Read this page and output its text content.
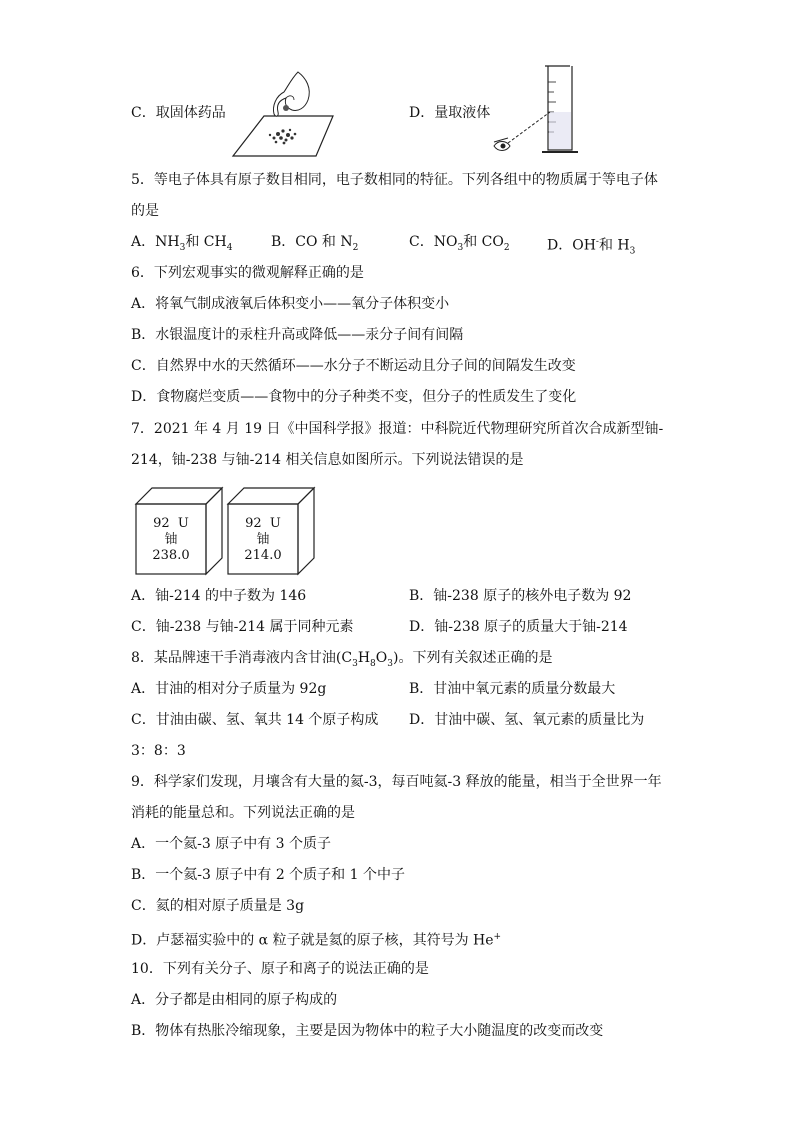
C．取固体药品	D．量取液体
5．等电子体具有原子数目相同，电子数相同的特征。下列各组中的物质属于等电子体
的是
A．$NH_3$和 $CH_4$	B．CO 和 $N_2$	C．$NO_3$和 $CO_2$	D．OH-和 $H_3$
6．下列宏观事实的微观解释正确的是
A．将氧气制成液氧后体积变小——氧分子体积变小
B．水银温度计的汞柱升高或降低——汞分子间有间隔
C．自然界中水的天然循环——水分子不断运动且分子间的间隔发生改变
D．食物腐烂变质——食物中的分子种类不变，但分子的性质发生了变化
7．2021 年 4 月 19 日《中国科学报》报道：中科院近代物理研究所首次合成新型铀-
214，铀-238 与铀-214 相关信息如图所示。下列说法错误的是
92 U
铀
238.0
92 U
铀
214.0
A．铀-214 的中子数为 146	B．铀-238 原子的核外电子数为 92
C．铀-238 与铀-214 属于同种元素	D．铀-238 原子的质量大于铀-214
8．某品牌速干手消毒液内含甘油$(C_3H_8O_3)$。下列有关叙述正确的是
A．甘油的相对分子质量为 92g	B．甘油中氧元素的质量分数最大
C．甘油由碳、氢、氧共 14 个原子构成 D．甘油中碳、氢、氧元素的质量比为
3：8：3
9．科学家们发现，月壤含有大量的氦-3，每百吨氦-3 释放的能量，相当于全世界一年
消耗的能量总和。下列说法正确的是
A．一个氦-3 原子中有 3 个质子
B．一个氦-3 原子中有 2 个质子和 1 个中子
C．氦的相对原子质量是 3g
D．卢瑟福实验中的 α 粒子就是氦的原子核，其符号为 He+
10．下列有关分子、原子和离子的说法正确的是
A．分子都是由相同的原子构成的
B．物体有热胀冷缩现象，主要是因为物体中的粒子大小随温度的改变而改变
